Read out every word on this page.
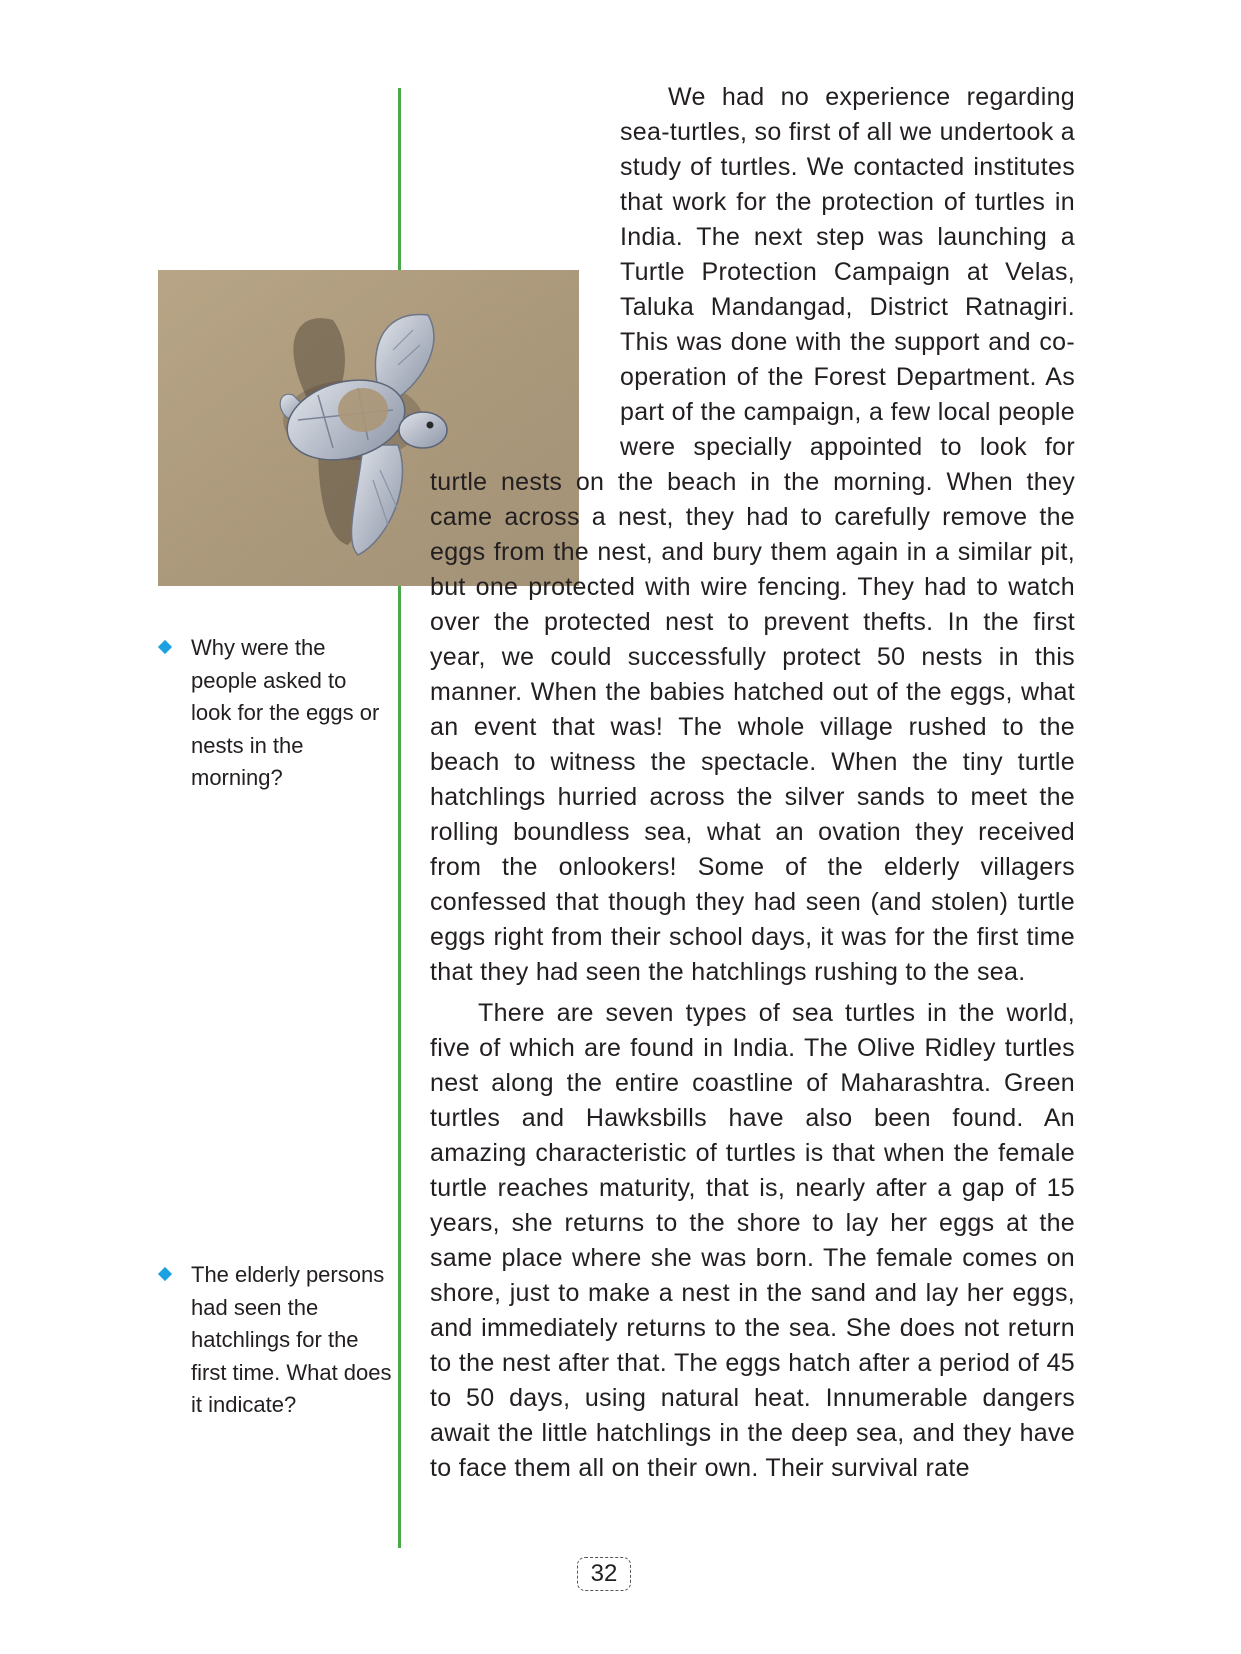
We had no experience regarding sea-turtles, so first of all we undertook a study of turtles. We contacted institutes that work for the protection of turtles in India. The next step was launching a Turtle Protection Campaign at Velas, Taluka Mandangad, District Ratnagiri. This was done with the support and co-operation of the Forest Department. As part of the campaign, a few local people were specially appointed to look for turtle nests on the beach in the morning. When they came across a nest, they had to carefully remove the eggs from the nest, and bury them again in a similar pit, but one protected with wire fencing. They had to watch over the protected nest to prevent thefts. In the first year, we could successfully protect 50 nests in this manner. When the babies hatched out of the eggs, what an event that was! The whole village rushed to the beach to witness the spectacle. When the tiny turtle hatchlings hurried across the silver sands to meet the rolling boundless sea, what an ovation they received from the onlookers! Some of the elderly villagers confessed that though they had seen (and stolen) turtle eggs right from their school days, it was for the first time that they had seen the hatchlings rushing to the sea.

There are seven types of sea turtles in the world, five of which are found in India. The Olive Ridley turtles nest along the entire coastline of Maharashtra. Green turtles and Hawksbills have also been found. An amazing characteristic of turtles is that when the female turtle reaches maturity, that is, nearly after a gap of 15 years, she returns to the shore to lay her eggs at the same place where she was born. The female comes on shore, just to make a nest in the sand and lay her eggs, and immediately returns to the sea. She does not return to the nest after that. The eggs hatch after a period of 45 to 50 days, using natural heat. Innumerable dangers await the little hatchlings in the deep sea, and they have to face them all on their own. Their survival rate

Why were the people asked to look for the eggs or nests in the morning?
The elderly persons had seen the hatchlings for the first time. What does it indicate?
32
